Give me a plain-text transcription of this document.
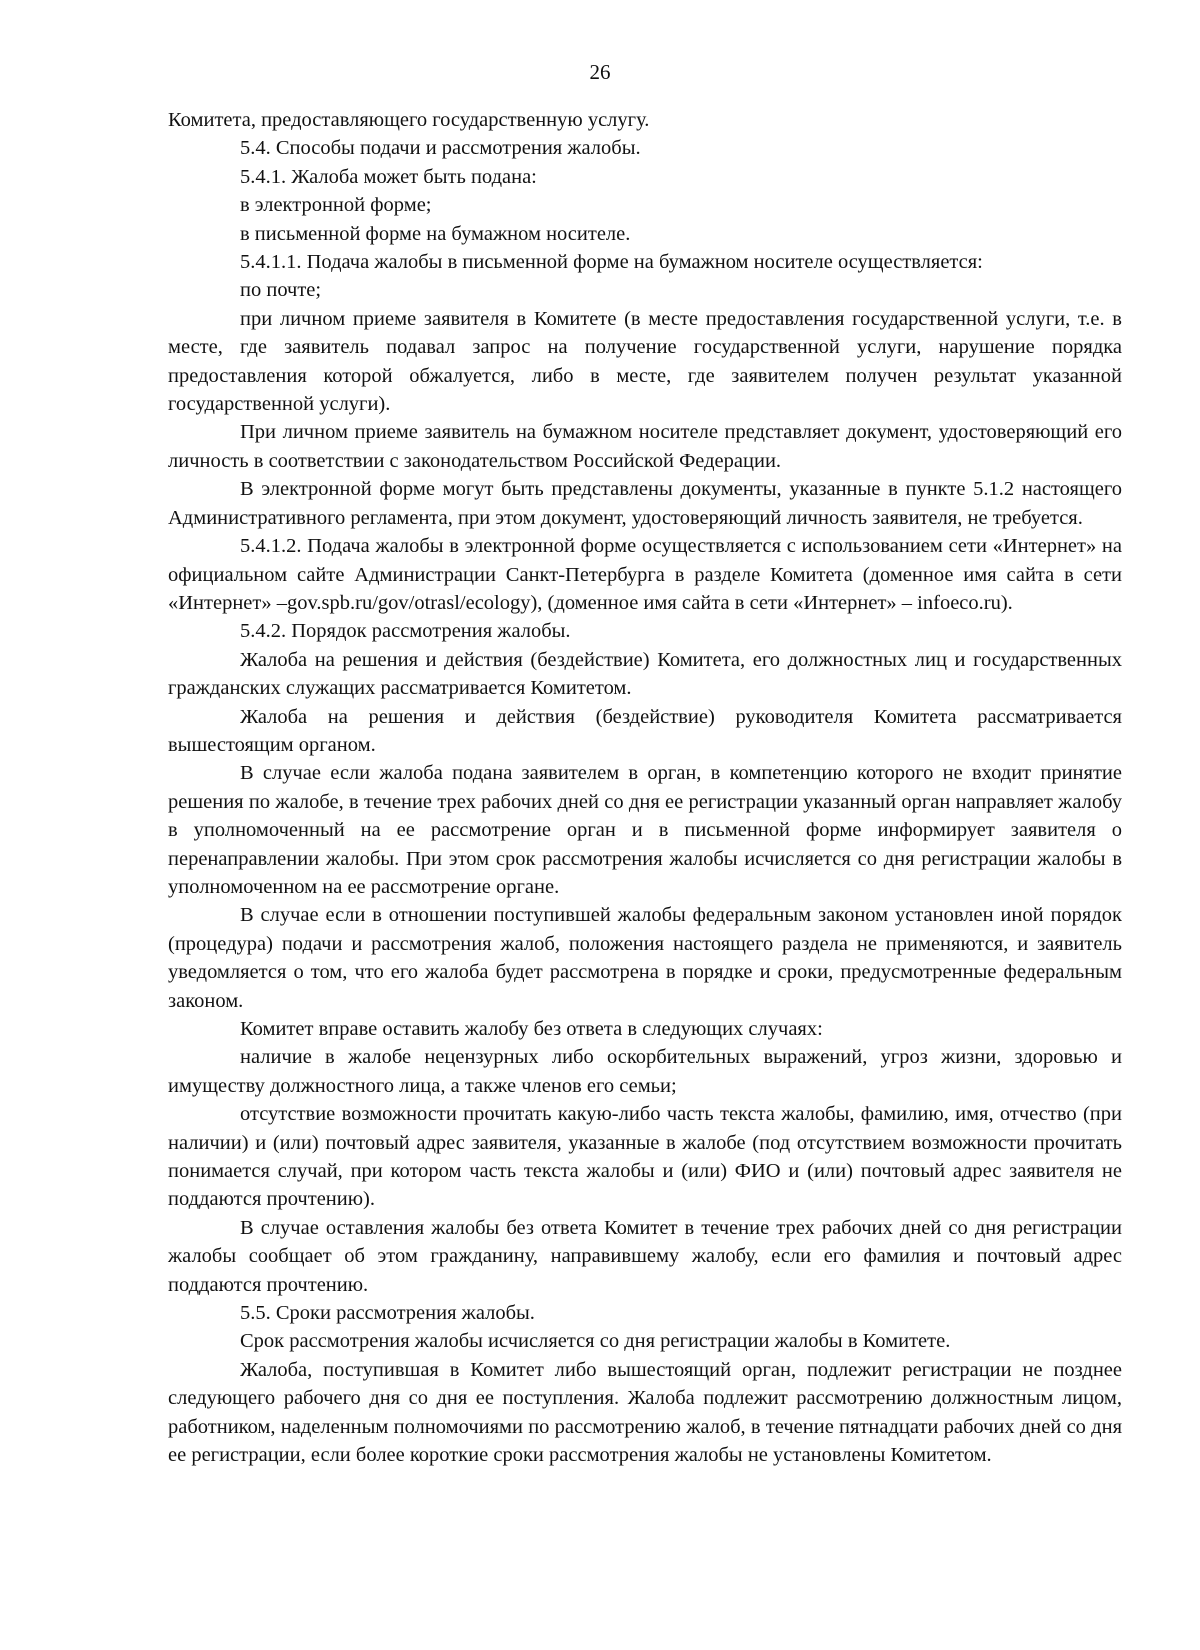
26

Комитета, предоставляющего государственную услугу.

5.4. Способы подачи и рассмотрения жалобы.

5.4.1. Жалоба может быть подана:

в электронной форме;

в письменной форме на бумажном носителе.

5.4.1.1. Подача жалобы в письменной форме на бумажном носителе осуществляется:

по почте;

при личном приеме заявителя в Комитете (в месте предоставления государственной услуги, т.е. в месте, где заявитель подавал запрос на получение государственной услуги, нарушение порядка предоставления которой обжалуется, либо в месте, где заявителем получен результат указанной государственной услуги).

При личном приеме заявитель на бумажном носителе представляет документ, удостоверяющий его личность в соответствии с законодательством Российской Федерации.

В электронной форме могут быть представлены документы, указанные в пункте 5.1.2 настоящего Административного регламента, при этом документ, удостоверяющий личность заявителя, не требуется.

5.4.1.2. Подача жалобы в электронной форме осуществляется с использованием сети «Интернет» на официальном сайте Администрации Санкт-Петербурга в разделе Комитета (доменное имя сайта в сети «Интернет» –gov.spb.ru/gov/otrasl/ecology), (доменное имя сайта в сети «Интернет» – infoeco.ru).

5.4.2. Порядок рассмотрения жалобы.

Жалоба на решения и действия (бездействие) Комитета, его должностных лиц и государственных гражданских служащих рассматривается Комитетом.

Жалоба на решения и действия (бездействие) руководителя Комитета рассматривается вышестоящим органом.

В случае если жалоба подана заявителем в орган, в компетенцию которого не входит принятие решения по жалобе, в течение трех рабочих дней со дня ее регистрации указанный орган направляет жалобу в уполномоченный на ее рассмотрение орган и в письменной форме информирует заявителя о перенаправлении жалобы. При этом срок рассмотрения жалобы исчисляется со дня регистрации жалобы в уполномоченном на ее рассмотрение органе.

В случае если в отношении поступившей жалобы федеральным законом установлен иной порядок (процедура) подачи и рассмотрения жалоб, положения настоящего раздела не применяются, и заявитель уведомляется о том, что его жалоба будет рассмотрена в порядке и сроки, предусмотренные федеральным законом.

Комитет вправе оставить жалобу без ответа в следующих случаях:

наличие в жалобе нецензурных либо оскорбительных выражений, угроз жизни, здоровью и имуществу должностного лица, а также членов его семьи;

отсутствие возможности прочитать какую-либо часть текста жалобы, фамилию, имя, отчество (при наличии) и (или) почтовый адрес заявителя, указанные в жалобе (под отсутствием возможности прочитать понимается случай, при котором часть текста жалобы и (или) ФИО и (или) почтовый адрес заявителя не поддаются прочтению).

В случае оставления жалобы без ответа Комитет в течение трех рабочих дней со дня регистрации жалобы сообщает об этом гражданину, направившему жалобу, если его фамилия и почтовый адрес поддаются прочтению.

5.5. Сроки рассмотрения жалобы.

Срок рассмотрения жалобы исчисляется со дня регистрации жалобы в Комитете.

Жалоба, поступившая в Комитет либо вышестоящий орган, подлежит регистрации не позднее следующего рабочего дня со дня ее поступления. Жалоба подлежит рассмотрению должностным лицом, работником, наделенным полномочиями по рассмотрению жалоб, в течение пятнадцати рабочих дней со дня ее регистрации, если более короткие сроки рассмотрения жалобы не установлены Комитетом.
